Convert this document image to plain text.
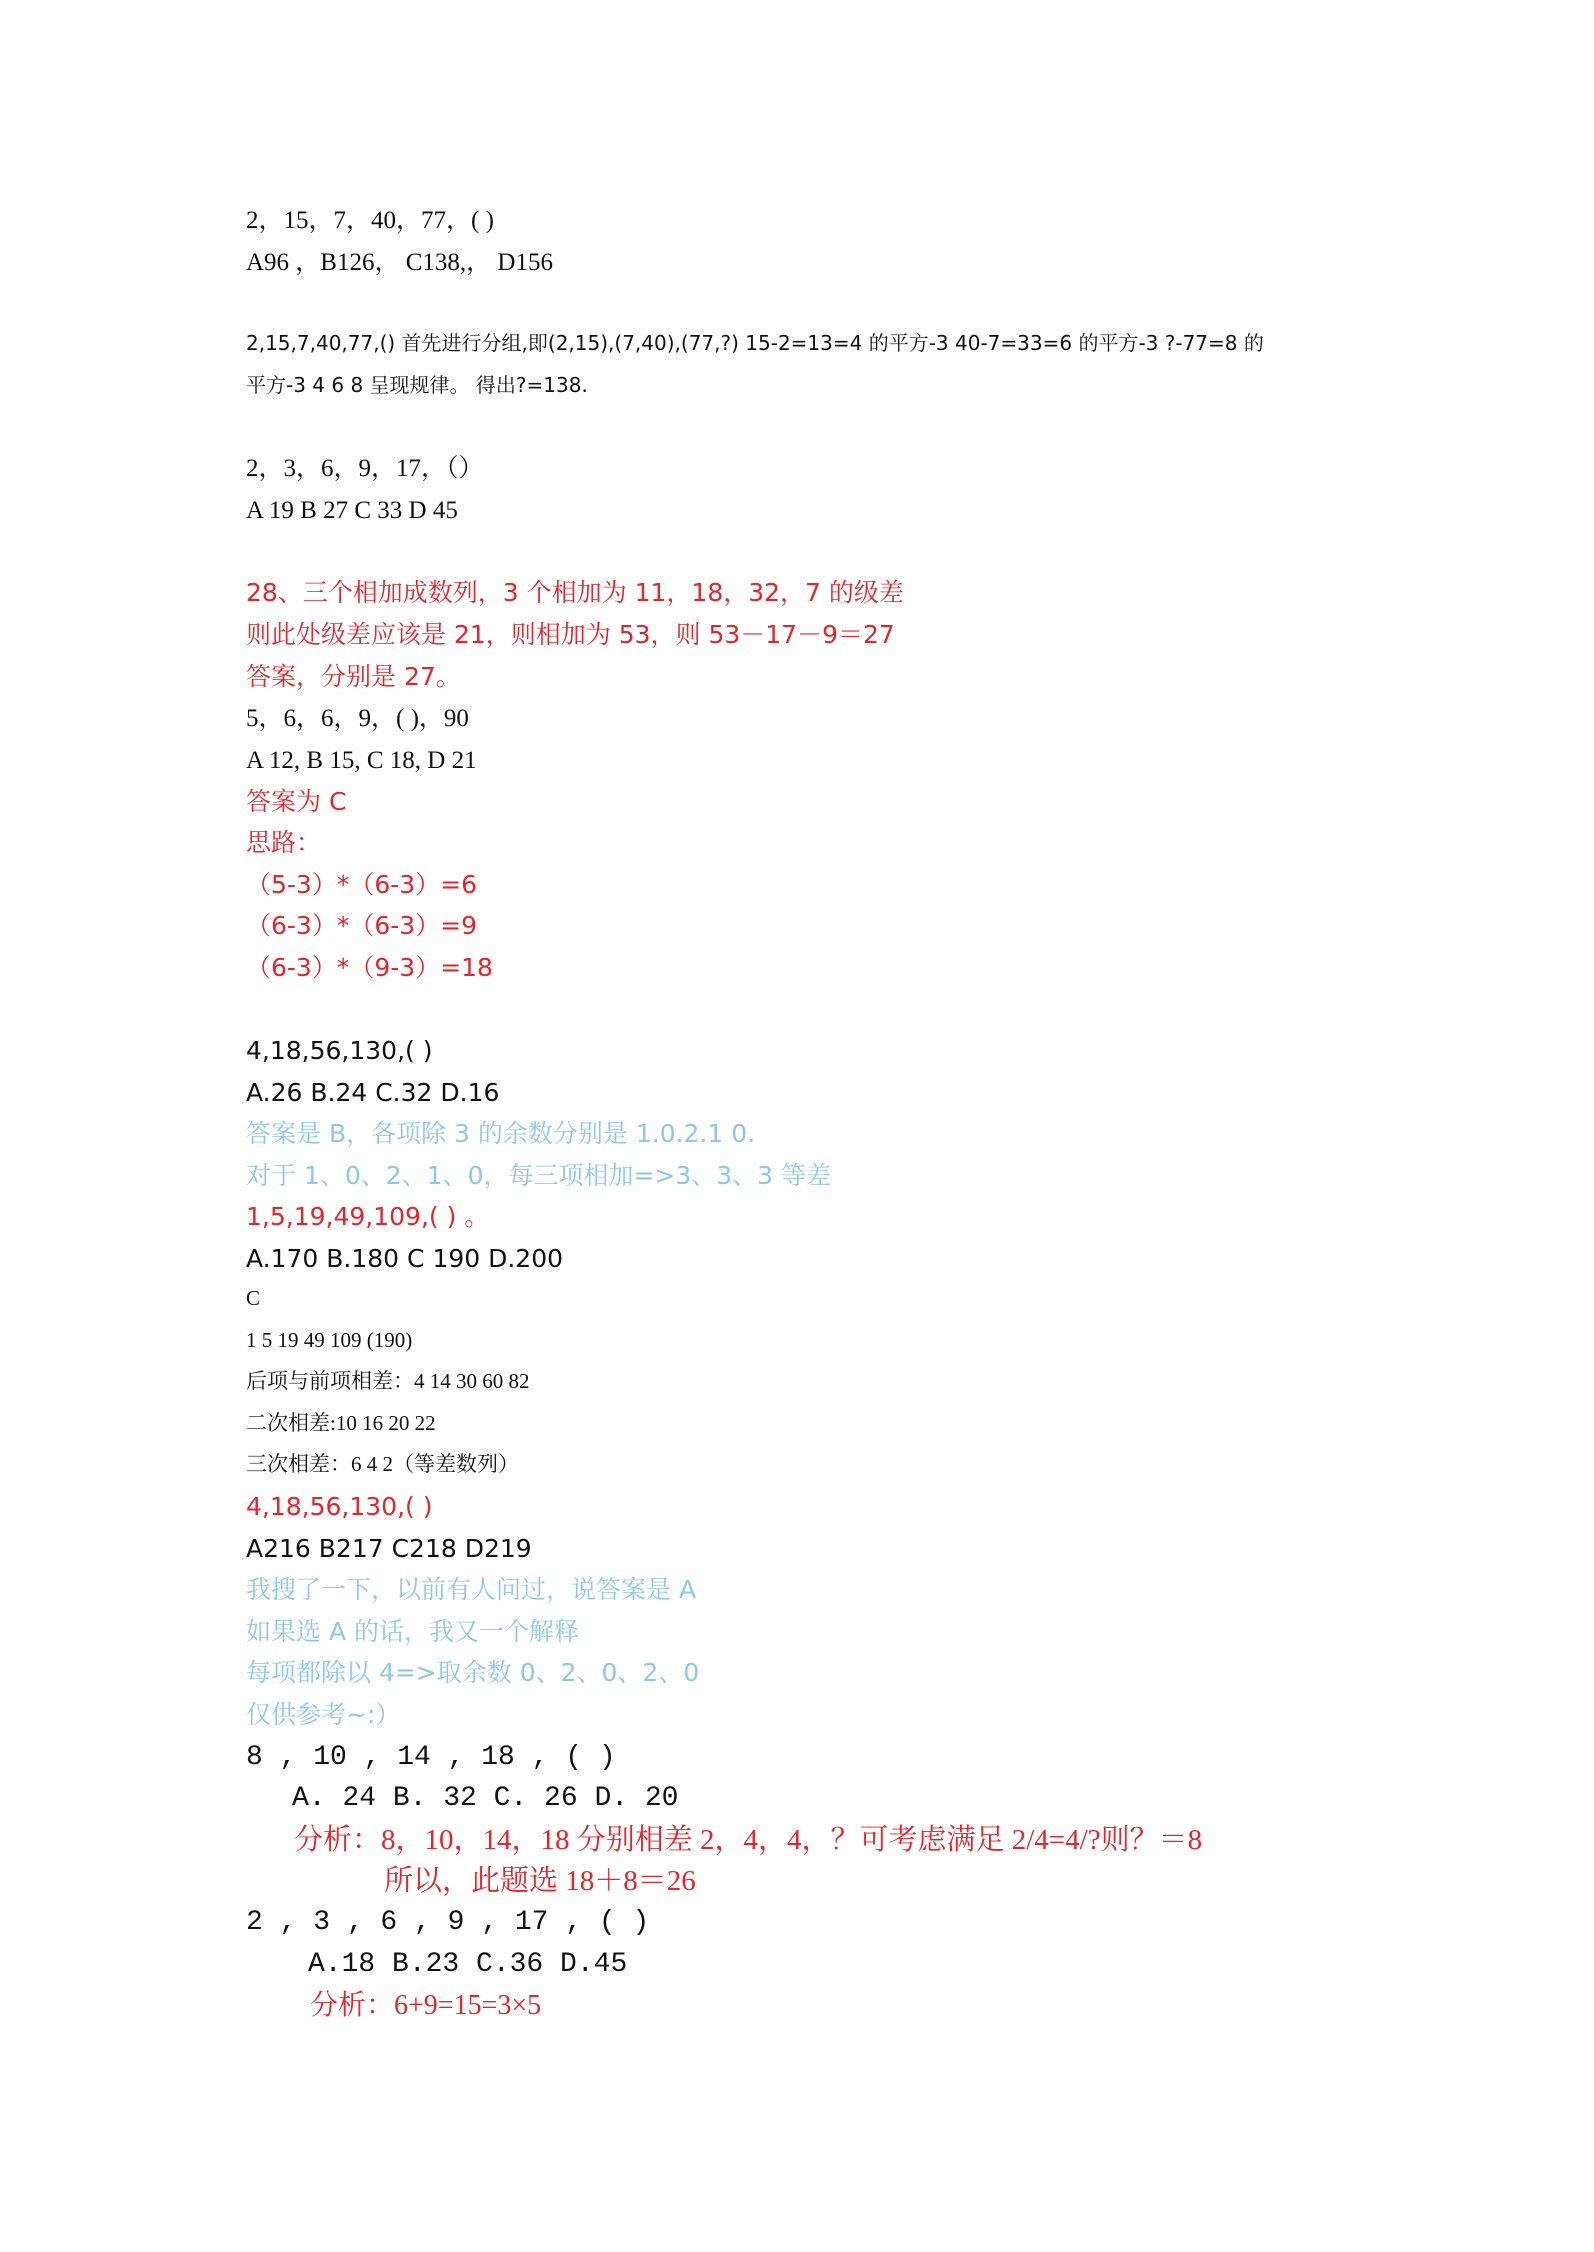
2，15，7，40，77，( )
A96 ，B126， C138,， D156
2,15,7,40,77,() 首先进行分组,即(2,15),(7,40),(77,?) 15-2=13=4 的平方-3 40-7=33=6 的平方-3 ?-77=8 的
平方-3 4 6 8 呈现规律。 得出?=138.
2，3，6，9，17，（）
A 19 B 27 C 33 D 45
28、三个相加成数列，3 个相加为 11，18，32，7 的级差
则此处级差应该是 21，则相加为 53，则 53－17－9＝27
答案，分别是 27。
5，6，6，9，( )，90
A 12, B 15, C 18, D 21
答案为 C
思路：
（5-3）*（6-3）=6
（6-3）*（6-3）=9
（6-3）*（9-3）=18
4,18,56,130,( )
A.26 B.24 C.32 D.16
答案是 B，各项除 3 的余数分别是 1.0.2.1 0.
对于 1、0、2、1、0，每三项相加=>3、3、3 等差
1,5,19,49,109,( ) 。
A.170 B.180 C 190 D.200
C
1 5 19 49 109 (190)
后项与前项相差：4 14 30 60 82
二次相差:10 16 20 22
三次相差：6 4 2（等差数列）
4,18,56,130,( )
A216 B217 C218 D219
我搜了一下，以前有人问过，说答案是 A
如果选 A 的话，我又一个解释
每项都除以 4=>取余数 0、2、0、2、0
仅供参考~:）
8 , 10 , 14 , 18 , ( )
A. 24 B. 32 C. 26 D. 20
分析：8，10，14，18 分别相差 2，4，4，？可考虑满足 2/4=4/?则？＝8
所以，此题选 18＋8＝26
2 , 3 , 6 , 9 , 17 , ( )
A.18 B.23 C.36 D.45
分析：6+9=15=3×5
